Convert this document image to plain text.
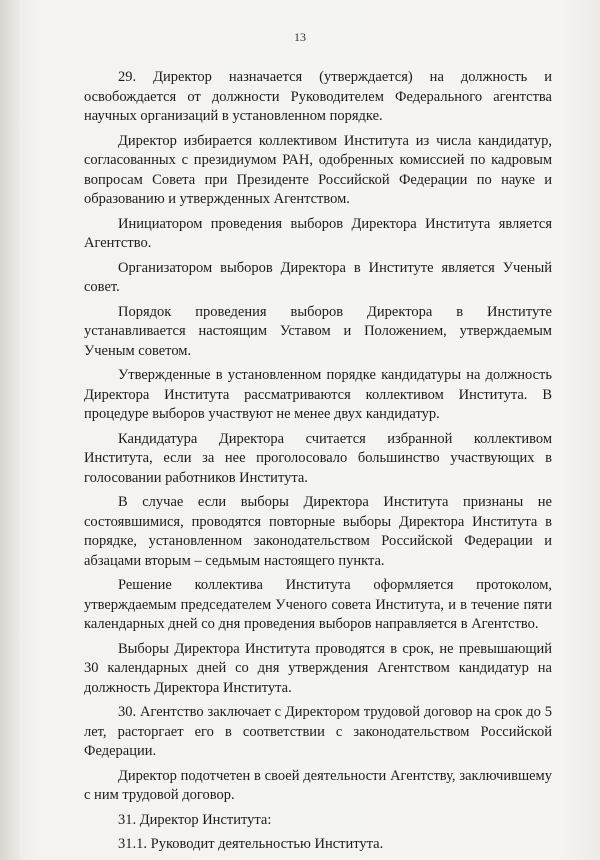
13

29. Директор назначается (утверждается) на должность и освобождается от должности Руководителем Федерального агентства научных организаций в установленном порядке.

Директор избирается коллективом Института из числа кандидатур, согласованных с президиумом РАН, одобренных комиссией по кадровым вопросам Совета при Президенте Российской Федерации по науке и образованию и утвержденных Агентством.

Инициатором проведения выборов Директора Института является Агентство.

Организатором выборов Директора в Институте является Ученый совет.

Порядок проведения выборов Директора в Институте устанавливается настоящим Уставом и Положением, утверждаемым Ученым советом.

Утвержденные в установленном порядке кандидатуры на должность Директора Института рассматриваются коллективом Института. В процедуре выборов участвуют не менее двух кандидатур.

Кандидатура Директора считается избранной коллективом Института, если за нее проголосовало большинство участвующих в голосовании работников Института.

В случае если выборы Директора Института признаны не состоявшимися, проводятся повторные выборы Директора Института в порядке, установленном законодательством Российской Федерации и абзацами вторым – седьмым настоящего пункта.

Решение коллектива Института оформляется протоколом, утверждаемым председателем Ученого совета Института, и в течение пяти календарных дней со дня проведения выборов направляется в Агентство.

Выборы Директора Института проводятся в срок, не превышающий 30 календарных дней со дня утверждения Агентством кандидатур на должность Директора Института.

30. Агентство заключает с Директором трудовой договор на срок до 5 лет, расторгает его в соответствии с законодательством Российской Федерации.

Директор подотчетен в своей деятельности Агентству, заключившему с ним трудовой договор.

31. Директор Института:

31.1. Руководит деятельностью Института.
